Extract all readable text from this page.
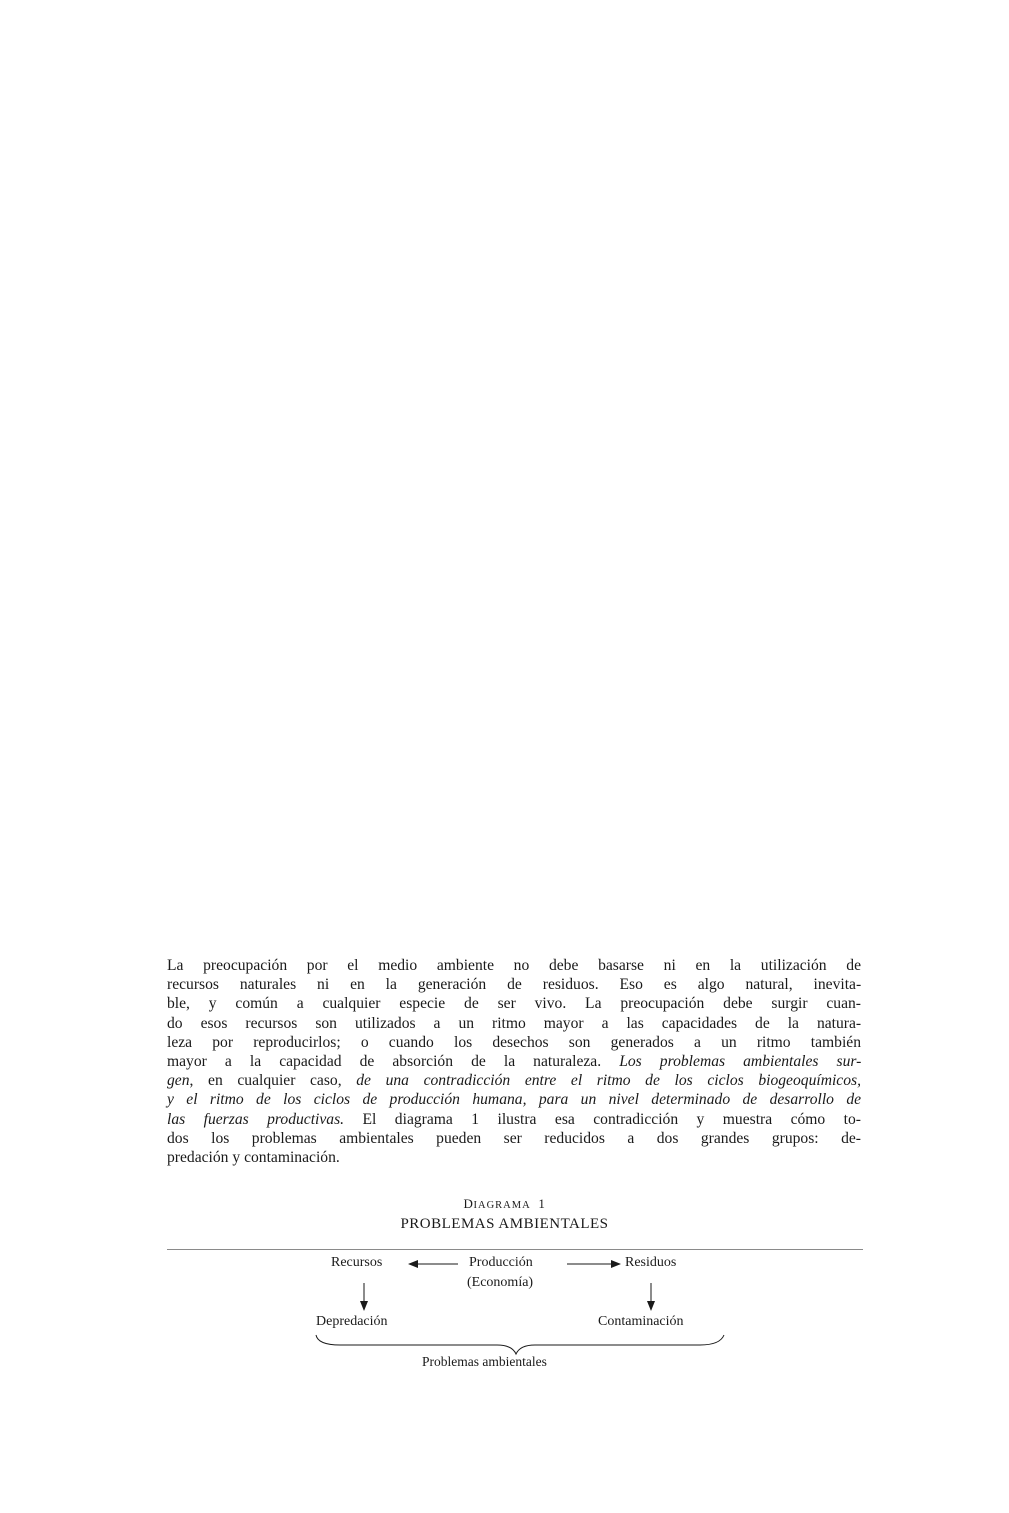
La preocupación por el medio ambiente no debe basarse ni en la utilización de
recursos naturales ni en la generación de residuos. Eso es algo natural, inevita-
ble, y común a cualquier especie de ser vivo. La preocupación debe surgir cuan-
do esos recursos son utilizados a un ritmo mayor a las capacidades de la natura-
leza por reproducirlos; o cuando los desechos son generados a un ritmo también
mayor a la capacidad de absorción de la naturaleza. Los problemas ambientales sur-
gen, en cualquier caso, de una contradicción entre el ritmo de los ciclos biogeoquímicos,
y el ritmo de los ciclos de producción humana, para un nivel determinado de desarrollo de
las fuerzas productivas. El diagrama 1 ilustra esa contradicción y muestra cómo to-
dos los problemas ambientales pueden ser reducidos a dos grandes grupos: de-
predación y contaminación.

DIAGRAMA 1
PROBLEMAS AMBIENTALES
Recursos	Producción
(Economía)
Residuos
Depredación	Contaminación
Problemas ambientales
